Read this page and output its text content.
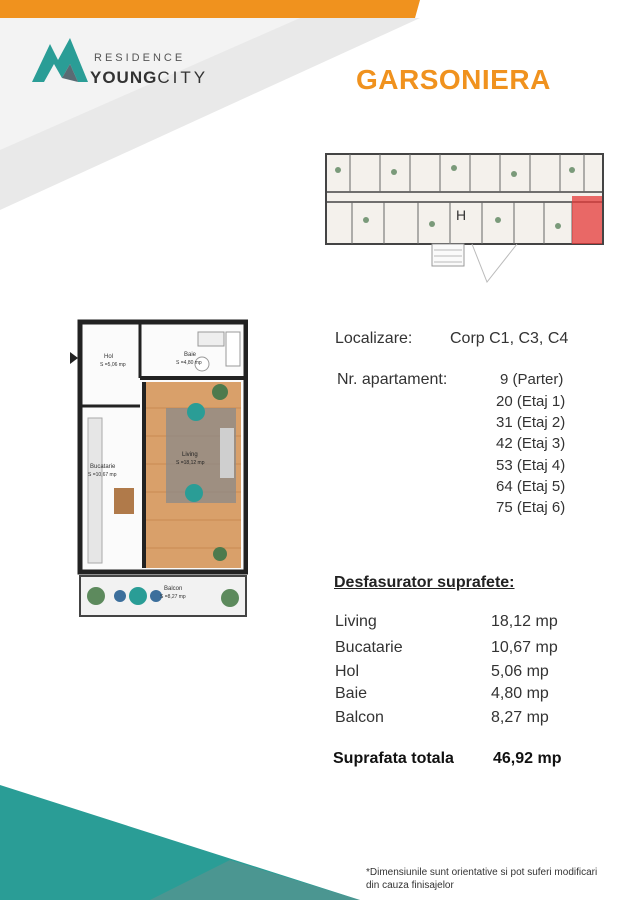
RESIDENCE
YOUNGCITY	GARSONIERA
H
Hol
S =5,06 mp
Baie
S =4,80 mp
Living
S =18,12 mp
Bucatarie
S =10,67 mp
Balcon
S =8,27 mp
Localizare: Corp C1, C3, C4
Nr. apartament:	9 (Parter)
20 (Etaj 1)
31 (Etaj 2)
42 (Etaj 3)
53 (Etaj 4)
64 (Etaj 5)
75 (Etaj 6)
Desfasurator suprafete:
Living	18,12 mp
Bucatarie	10,67 mp
Hol	5,06 mp
Baie	4,80 mp
Balcon	8,27 mp
Suprafata totala 46,92 mp
*Dimensiunile sunt orientative si pot suferi modificari din cauza finisajelor
